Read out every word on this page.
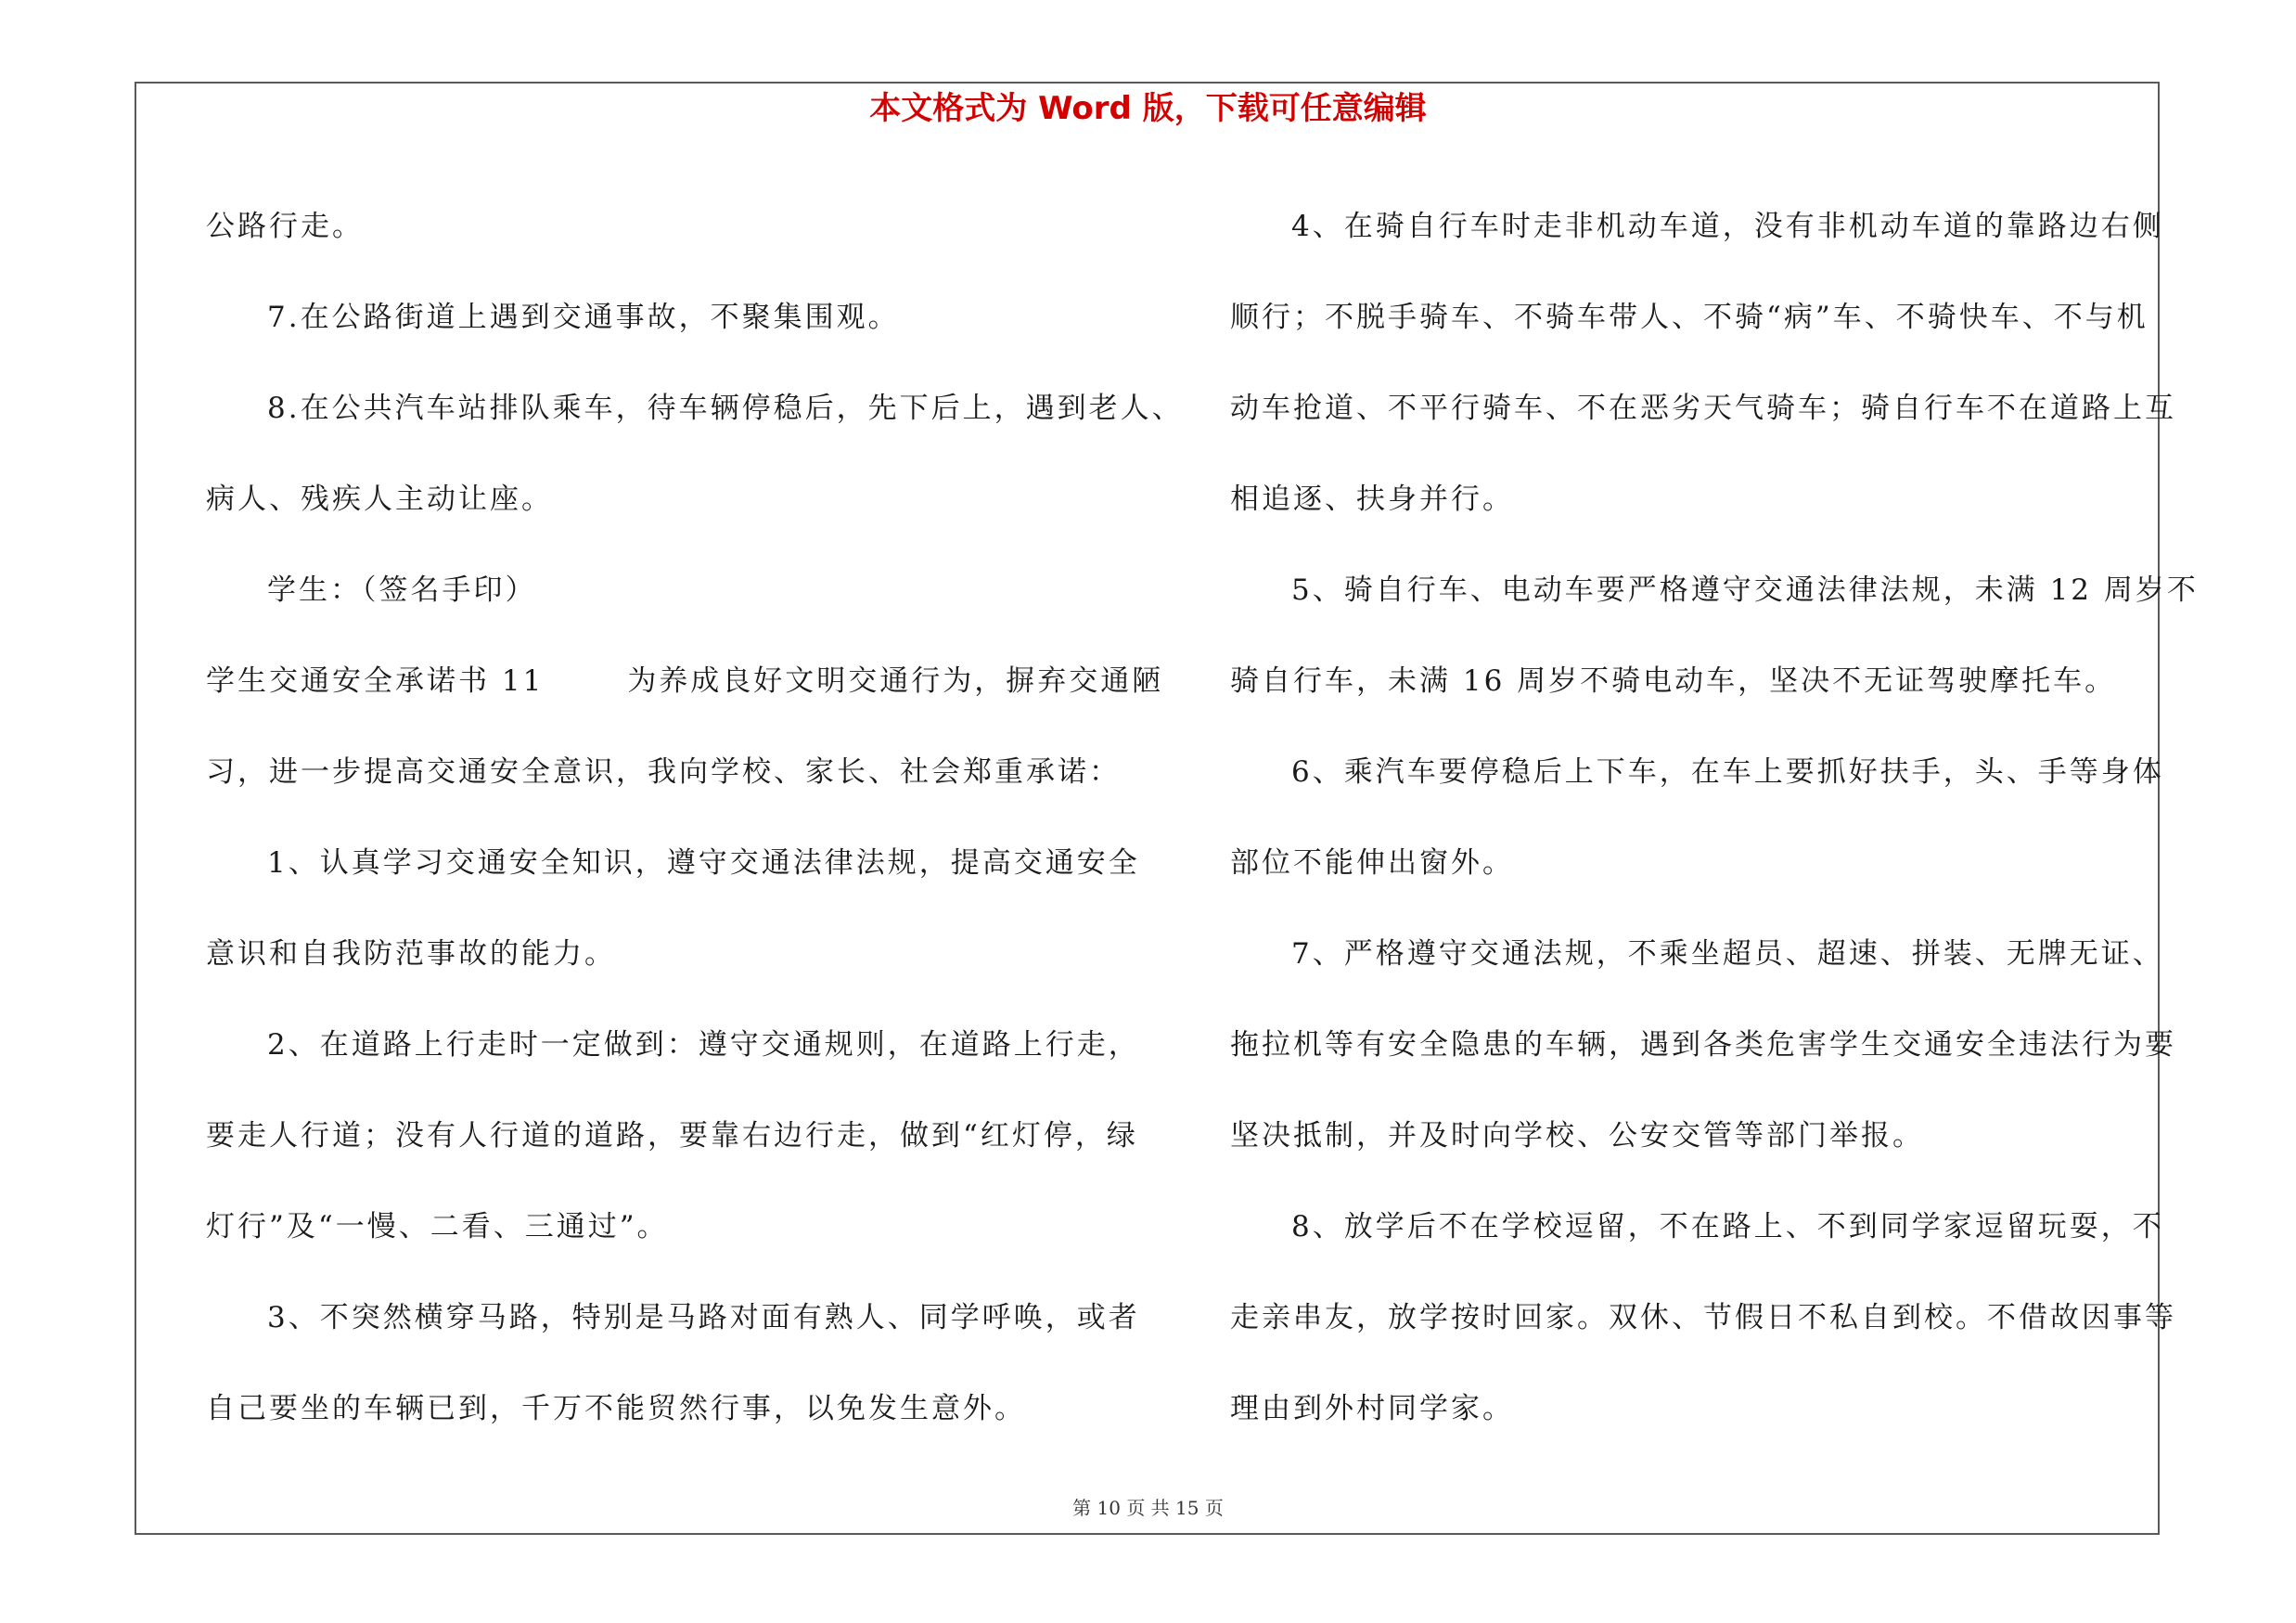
本文格式为 Word 版，下载可任意编辑
公路行走。
7.在公路街道上遇到交通事故，不聚集围观。
8.在公共汽车站排队乘车，待车辆停稳后，先下后上，遇到老人、
病人、残疾人主动让座。
学生：（签名手印）
学生交通安全承诺书 11	为养成良好文明交通行为，摒弃交通陋
习，进一步提高交通安全意识，我向学校、家长、社会郑重承诺：
1、认真学习交通安全知识，遵守交通法律法规，提高交通安全
意识和自我防范事故的能力。
2、在道路上行走时一定做到：遵守交通规则，在道路上行走，
要走人行道；没有人行道的道路，要靠右边行走，做到“红灯停，绿
灯行”及“一慢、二看、三通过”。
3、不突然横穿马路，特别是马路对面有熟人、同学呼唤，或者
自己要坐的车辆已到，千万不能贸然行事，以免发生意外。
4、在骑自行车时走非机动车道，没有非机动车道的靠路边右侧
顺行；不脱手骑车、不骑车带人、不骑“病”车、不骑快车、不与机
动车抢道、不平行骑车、不在恶劣天气骑车；骑自行车不在道路上互
相追逐、扶身并行。
5、骑自行车、电动车要严格遵守交通法律法规，未满 12 周岁不
骑自行车，未满 16 周岁不骑电动车，坚决不无证驾驶摩托车。
6、乘汽车要停稳后上下车，在车上要抓好扶手，头、手等身体
部位不能伸出窗外。
7、严格遵守交通法规，不乘坐超员、超速、拼装、无牌无证、
拖拉机等有安全隐患的车辆，遇到各类危害学生交通安全违法行为要
坚决抵制，并及时向学校、公安交管等部门举报。
8、放学后不在学校逗留，不在路上、不到同学家逗留玩耍，不
走亲串友，放学按时回家。双休、节假日不私自到校。不借故因事等
理由到外村同学家。
第 10 页 共 15 页
